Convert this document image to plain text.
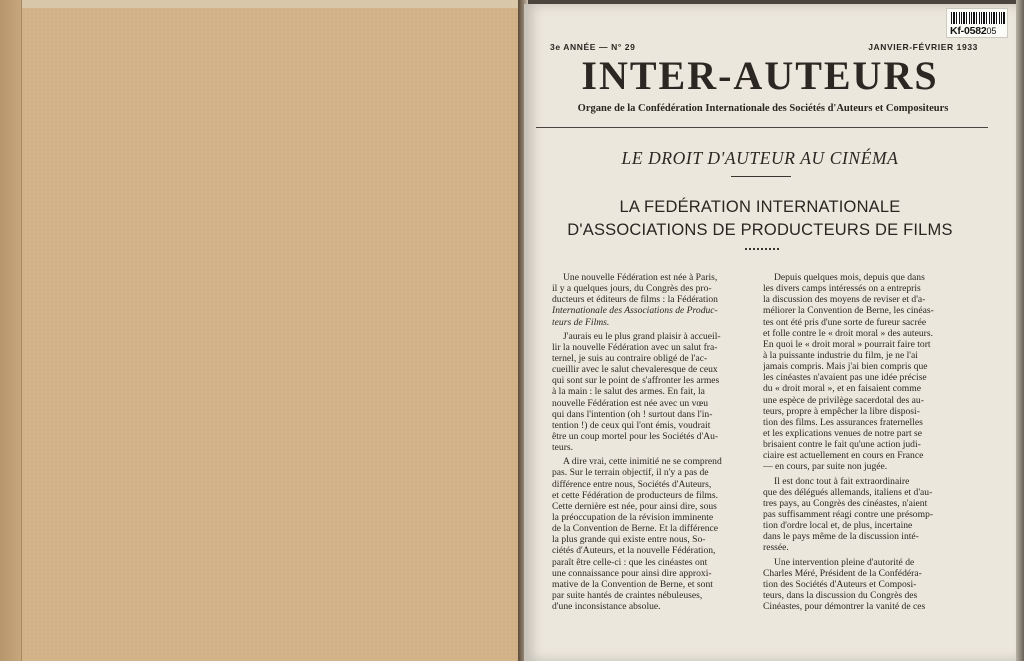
Kf-058205
3e ANNÉE — N° 29	JANVIER-FÉVRIER 1933
INTER-AUTEURS
Organe de la Confédération Internationale des Sociétés d'Auteurs et Compositeurs
LE DROIT D'AUTEUR AU CINÉMA
LA FEDÉRATION INTERNATIONALE
D'ASSOCIATIONS DE PRODUCTEURS DE FILMS
Une nouvelle Fédération est née à Paris,
il y a quelques jours, du Congrès des pro-
ducteurs et éditeurs de films : la Fédération
Internationale des Associations de Produc-
teurs de Films.
J'aurais eu le plus grand plaisir à accueil-
lir la nouvelle Fédération avec un salut fra-
ternel, je suis au contraire obligé de l'ac-
cueillir avec le salut chevaleresque de ceux
qui sont sur le point de s'affronter les armes
à la main : le salut des armes. En fait, la
nouvelle Fédération est née avec un vœu
qui dans l'intention (oh ! surtout dans l'in-
tention !) de ceux qui l'ont émis, voudrait
être un coup mortel pour les Sociétés d'Au-
teurs.
A dire vrai, cette inimitié ne se comprend
pas. Sur le terrain objectif, il n'y a pas de
différence entre nous, Sociétés d'Auteurs,
et cette Fédération de producteurs de films.
Cette dernière est née, pour ainsi dire, sous
la préoccupation de la révision imminente
de la Convention de Berne. Et la différence
la plus grande qui existe entre nous, So-
ciétés d'Auteurs, et la nouvelle Fédération,
paraît être celle-ci : que les cinéastes ont
une connaissance pour ainsi dire approxi-
mative de la Convention de Berne, et sont
par suite hantés de craintes nébuleuses,
d'une inconsistance absolue.
Depuis quelques mois, depuis que dans
les divers camps intéressés on a entrepris
la discussion des moyens de reviser et d'a-
méliorer la Convention de Berne, les cinéas-
tes ont été pris d'une sorte de fureur sacrée
et folle contre le « droit moral » des auteurs.
En quoi le « droit moral » pourrait faire tort
à la puissante industrie du film, je ne l'ai
jamais compris. Mais j'ai bien compris que
les cinéastes n'avaient pas une idée précise
du « droit moral », et en faisaient comme
une espèce de privilège sacerdotal des au-
teurs, propre à empêcher la libre disposi-
tion des films. Les assurances fraternelles
et les explications venues de notre part se
brisaient contre le fait qu'une action judi-
ciaire est actuellement en cours en France
— en cours, par suite non jugée.
Il est donc tout à fait extraordinaire
que des délégués allemands, italiens et d'au-
tres pays, au Congrès des cinéastes, n'aient
pas suffisamment réagi contre une présomp-
tion d'ordre local et, de plus, incertaine
dans le pays même de la discussion inté-
ressée.
Une intervention pleine d'autorité de
Charles Méré, Président de la Confédéra-
tion des Sociétés d'Auteurs et Composi-
teurs, dans la discussion du Congrès des
Cinéastes, pour démontrer la vanité de ces
